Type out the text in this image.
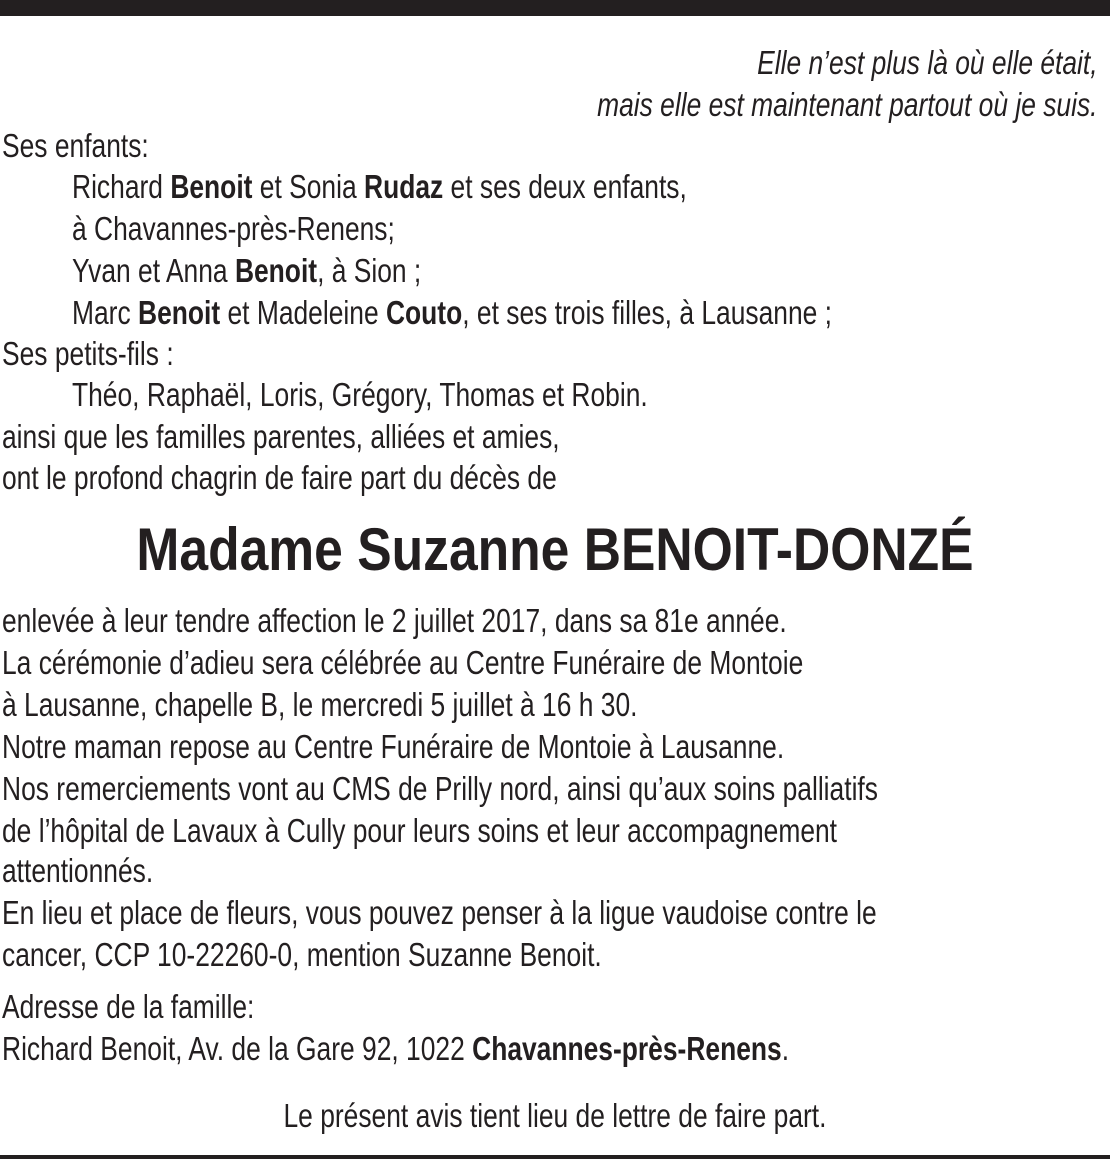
Elle n’est plus là où elle était,
mais elle est maintenant partout où je suis.
Ses enfants:
Richard Benoit et Sonia Rudaz et ses deux enfants,
à Chavannes-près-Renens;
Yvan et Anna Benoit, à Sion ;
Marc Benoit et Madeleine Couto, et ses trois filles, à Lausanne ;
Ses petits-fils :
Théo, Raphaël, Loris, Grégory, Thomas et Robin.
ainsi que les familles parentes, alliées et amies,
ont le profond chagrin de faire part du décès de
Madame Suzanne BENOIT-DONZÉ
enlevée à leur tendre affection le 2 juillet 2017, dans sa 81e année.
La cérémonie d’adieu sera célébrée au Centre Funéraire de Montoie
à Lausanne, chapelle B, le mercredi 5 juillet à 16 h 30.
Notre maman repose au Centre Funéraire de Montoie à Lausanne.
Nos remerciements vont au CMS de Prilly nord, ainsi qu’aux soins palliatifs
de l’hôpital de Lavaux à Cully pour leurs soins et leur accompagnement
attentionnés.
En lieu et place de fleurs, vous pouvez penser à la ligue vaudoise contre le
cancer, CCP 10-22260-0, mention Suzanne Benoit.
Adresse de la famille:
Richard Benoit, Av. de la Gare 92, 1022 Chavannes-près-Renens.
Le présent avis tient lieu de lettre de faire part.
